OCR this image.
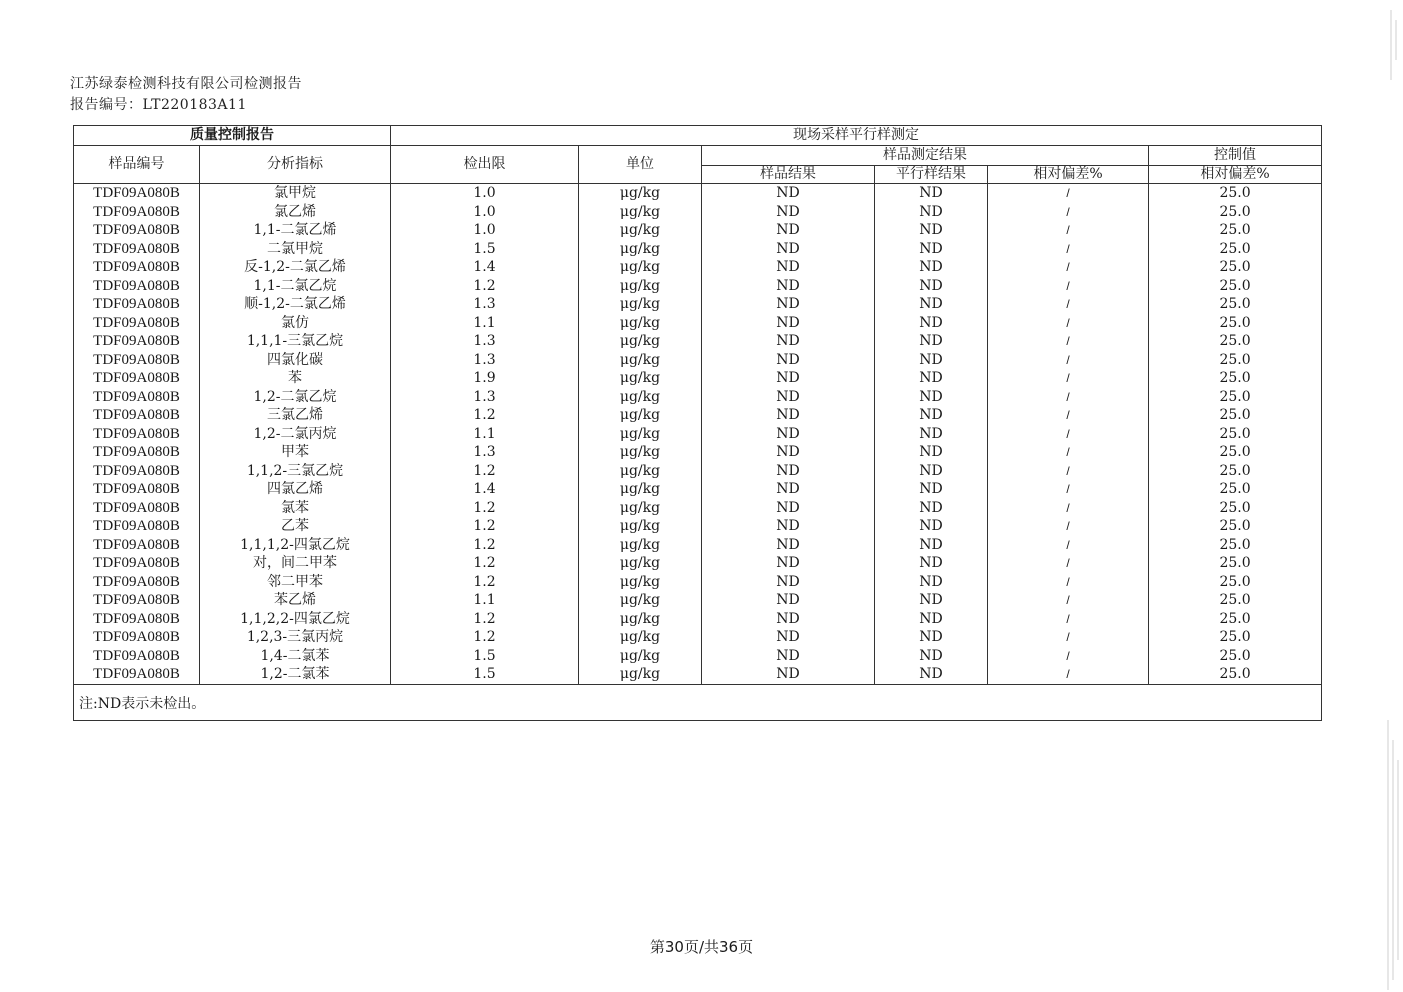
江苏绿泰检测科技有限公司检测报告
报告编号：LT220183A11
质量控制报告		现场采样平行样测定					
样品编号	分析指标	检出限	单位	样品测定结果			控制值
				样品结果	平行样结果	相对偏差%	相对偏差%
TDF09A080B	氯甲烷	1.0	μg/kg	ND	ND	/	25.0
TDF09A080B	氯乙烯	1.0	μg/kg	ND	ND	/	25.0
TDF09A080B	1,1-二氯乙烯	1.0	μg/kg	ND	ND	/	25.0
TDF09A080B	二氯甲烷	1.5	μg/kg	ND	ND	/	25.0
TDF09A080B	反-1,2-二氯乙烯	1.4	μg/kg	ND	ND	/	25.0
TDF09A080B	1,1-二氯乙烷	1.2	μg/kg	ND	ND	/	25.0
TDF09A080B	顺-1,2-二氯乙烯	1.3	μg/kg	ND	ND	/	25.0
TDF09A080B	氯仿	1.1	μg/kg	ND	ND	/	25.0
TDF09A080B	1,1,1-三氯乙烷	1.3	μg/kg	ND	ND	/	25.0
TDF09A080B	四氯化碳	1.3	μg/kg	ND	ND	/	25.0
TDF09A080B	苯	1.9	μg/kg	ND	ND	/	25.0
TDF09A080B	1,2-二氯乙烷	1.3	μg/kg	ND	ND	/	25.0
TDF09A080B	三氯乙烯	1.2	μg/kg	ND	ND	/	25.0
TDF09A080B	1,2-二氯丙烷	1.1	μg/kg	ND	ND	/	25.0
TDF09A080B	甲苯	1.3	μg/kg	ND	ND	/	25.0
TDF09A080B	1,1,2-三氯乙烷	1.2	μg/kg	ND	ND	/	25.0
TDF09A080B	四氯乙烯	1.4	μg/kg	ND	ND	/	25.0
TDF09A080B	氯苯	1.2	μg/kg	ND	ND	/	25.0
TDF09A080B	乙苯	1.2	μg/kg	ND	ND	/	25.0
TDF09A080B	1,1,1,2-四氯乙烷	1.2	μg/kg	ND	ND	/	25.0
TDF09A080B	对，间二甲苯	1.2	μg/kg	ND	ND	/	25.0
TDF09A080B	邻二甲苯	1.2	μg/kg	ND	ND	/	25.0
TDF09A080B	苯乙烯	1.1	μg/kg	ND	ND	/	25.0
TDF09A080B	1,1,2,2-四氯乙烷	1.2	μg/kg	ND	ND	/	25.0
TDF09A080B	1,2,3-三氯丙烷	1.2	μg/kg	ND	ND	/	25.0
TDF09A080B	1,4-二氯苯	1.5	μg/kg	ND	ND	/	25.0
TDF09A080B	1,2-二氯苯	1.5	μg/kg	ND	ND	/	25.0
注:ND表示未检出。							
第30页/共36页
